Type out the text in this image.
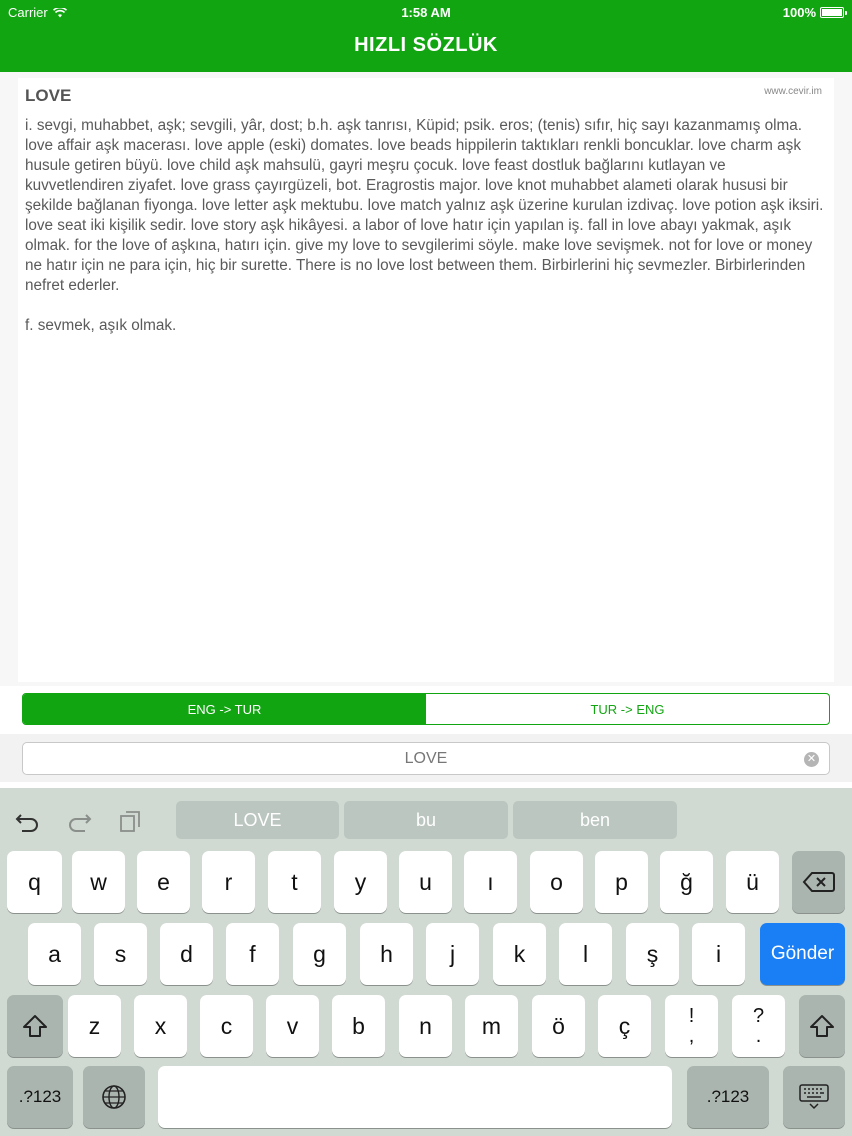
Carrier	1:58 AM	100%
HIZLI SÖZLÜK
LOVE	www.cevir.im

i. sevgi, muhabbet, aşk; sevgili, yâr, dost; b.h. aşk tanrısı, Küpid; psik. eros; (tenis) sıfır, hiç sayı kazanmamış olma. love affair aşk macerası. love apple (eski) domates. love beads hippilerin taktıkları renkli boncuklar. love charm aşk husule getiren büyü. love child aşk mahsulü, gayri meşru çocuk. love feast dostluk bağlarını kutlayan ve kuvvetlendiren ziyafet. love grass çayırgüzeli, bot. Eragrostis major. love knot muhabbet alameti olarak hususi bir şekilde bağlanan fiyonga. love letter aşk mektubu. love match yalnız aşk üzerine kurulan izdivaç. love potion aşk iksiri. love seat iki kişilik sedir. love story aşk hikâyesi. a labor of love hatır için yapılan iş. fall in love abayı yakmak, aşık olmak. for the love of aşkına, hatırı için. give my love to sevgilerimi söyle. make love sevişmek. not for love or money ne hatır için ne para için, hiç bir surette. There is no love lost between them. Birbirlerini hiç sevmezler. Birbirlerinden nefret ederler.

f. sevmek, aşık olmak.

ENG -> TUR	TUR -> ENG
LOVE
✕
LOVE	bu	ben
q	w	e	r	t	y	u	ı	o	p	ğ	ü
a	s	d	f	g	h	j	k	l	ş	i	Gönder
z	x	c	v	b	n	m	ö	ç	!
,
?
.
.?123	.?123
